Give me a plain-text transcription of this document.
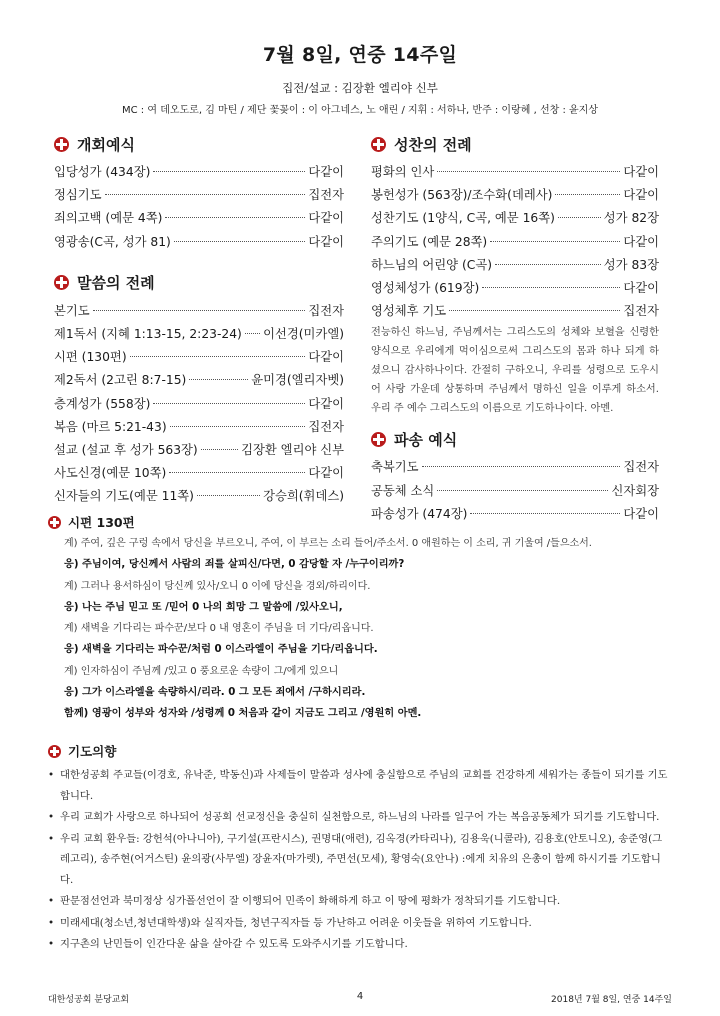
7월 8일, 연중 14주일
집전/설교 : 김장환 엘리야 신부
MC : 여 데오도로, 김 마틴 / 제단 꽃꽂이 : 이 아그네스, 노 애린 / 지휘 : 서하나, 반주 : 이랑혜 , 선창 : 윤지상
개회예식
입당성가 (434장)	다같이
정심기도	집전자
죄의고백 (예문 4쪽)	다같이
영광송(C곡, 성가 81)	다같이
말씀의 전례
본기도	집전자
제1독서 (지혜 1:13-15, 2:23-24) 이선경(미카엘)
시편 (130편)	다같이
제2독서 (2고린 8:7-15)	윤미경(엘리자벳)
층계성가 (558장)	다같이
복음 (마르 5:21-43)	집전자
설교 (설교 후 성가 563장)	김장환 엘리야 신부
사도신경(예문 10쪽)	다같이
신자들의 기도(예문 11쪽)	강승희(휘데스)
성찬의 전례
평화의 인사	다같이
봉헌성가 (563장)/조수화(데레사)	다같이
성찬기도 (1양식, C곡, 예문 16쪽)	성가 82장
주의기도 (예문 28쪽)	다같이
하느님의 어린양 (C곡)	성가 83장
영성체성가 (619장)	다같이
영성체후 기도	집전자

전능하신 하느님, 주님께서는 그리스도의 성체와 보혈을 신령한 양식으로 우리에게 먹이심으로써 그리스도의 몸과 하나 되게 하셨으니 감사하나이다. 간절히 구하오니, 우리를 성령으로 도우시어 사랑 가운데 상통하며 주님께서 명하신 일을 이루게 하소서. 우리 주 예수 그리스도의 이름으로 기도하나이다. 아멘.

파송 예식
축복기도	집전자
공동체 소식	신자회장
파송성가 (474장)	다같이
시편 130편
계) 주여, 깊은 구렁 속에서 당신을 부르오니, 주여, 이 부르는 소리 들어/주소서. 0 애원하는 이 소리, 귀 기울여 /들으소서.
응) 주님이여, 당신께서 사람의 죄를 살피신/다면, 0 감당할 자 /누구이리까?
계) 그러나 용서하심이 당신께 있사/오니 0 이에 당신을 경외/하리이다.
응) 나는 주님 믿고 또 /믿어 0 나의 희망 그 말씀에 /있사오니,
계) 새벽을 기다리는 파수꾼/보다 0 내 영혼이 주님을 더 기다/리옵니다.
응) 새벽을 기다리는 파수꾼/처럼 0 이스라엘이 주님을 기다/리옵니다.
계) 인자하심이 주님께 /있고 0 풍요로운 속량이 그/에게 있으니
응) 그가 이스라엘을 속량하시/리라. 0 그 모든 죄에서 /구하시리라.
함께) 영광이 성부와 성자와 /성령께 0 처음과 같이 지금도 그리고 /영원히 아멘.
기도의향
• 대한성공회 주교들(이경호, 유낙준, 박동신)과 사제들이 말씀과 성사에 충실함으로 주님의 교회를 건강하게 세워가는 종들이 되기를 기도합니다.
• 우리 교회가 사랑으로 하나되어 성공회 선교정신을 충실히 실천함으로, 하느님의 나라를 일구어 가는 복음공동체가 되기를 기도합니다.
• 우리 교회 환우들: 강헌석(아나니아), 구기설(프란시스), 권명대(애련), 김옥경(카타리나), 김용욱(니콜라), 김용호(안토니오), 송준영(그레고리), 송주현(어거스틴) 윤의광(사무엘) 장윤자(마가렛), 주면선(모세), 황영숙(요안나) :에게 치유의 은총이 함께 하시기를 기도합니다.
• 판문점선언과 북미정상 싱가폴선언이 잘 이행되어 민족이 화해하게 하고 이 땅에 평화가 정착되기를 기도합니다.
• 미래세대(청소년,청년대학생)와 실직자들, 청년구직자들 등 가난하고 어려운 이웃들을 위하여 기도합니다.
• 지구촌의 난민들이 인간다운 삶을 살아갈 수 있도록 도와주시기를 기도합니다.
대한성공회 분당교회	4	2018년 7월 8일, 연중 14주일
